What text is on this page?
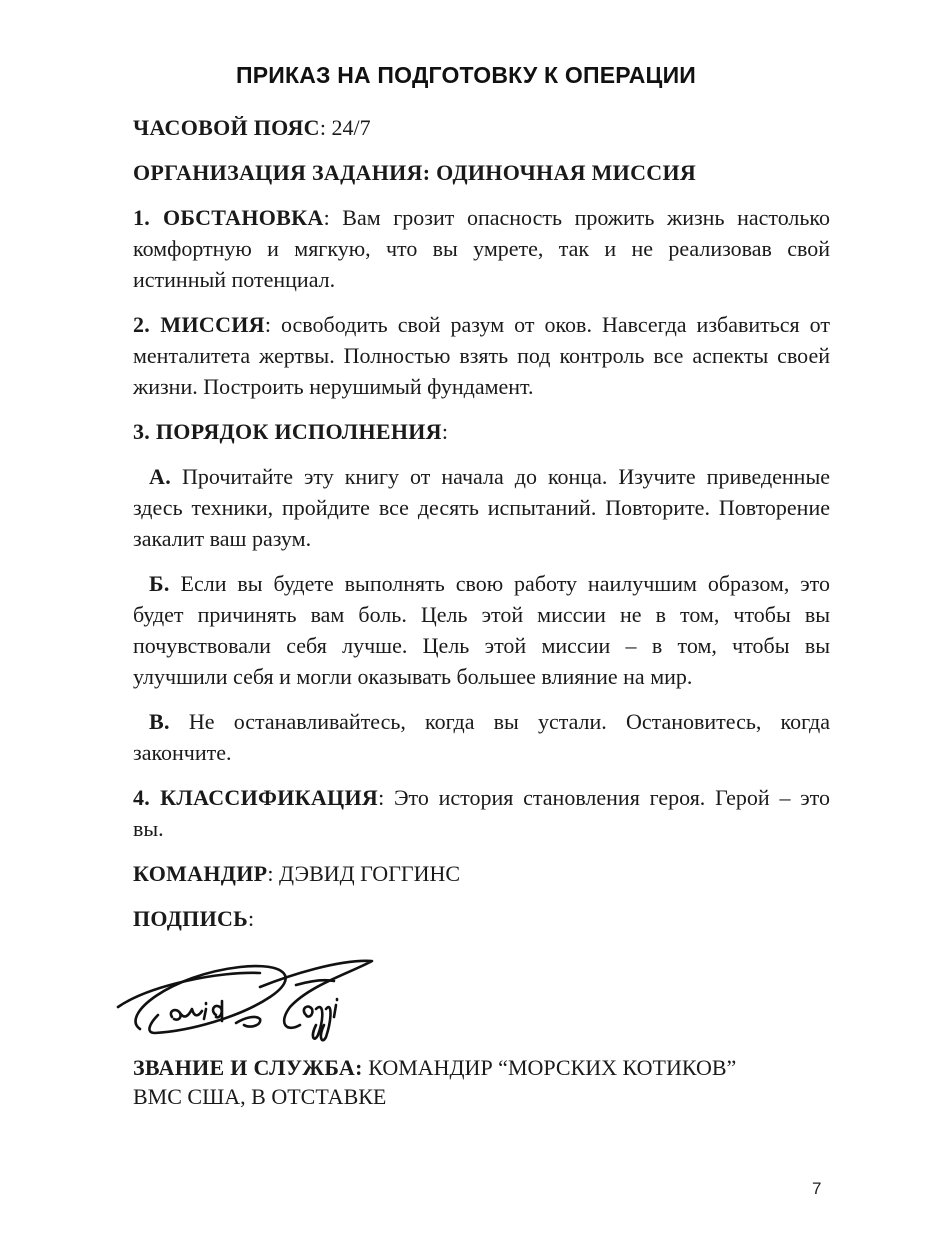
ПРИКАЗ НА ПОДГОТОВКУ К ОПЕРАЦИИ
ЧАСОВОЙ ПОЯС: 24/7
ОРГАНИЗАЦИЯ ЗАДАНИЯ: ОДИНОЧНАЯ МИССИЯ
1. ОБСТАНОВКА: Вам грозит опасность прожить жизнь настолько комфортную и мягкую, что вы умрете, так и не реализовав свой истинный потенциал.
2. МИССИЯ: освободить свой разум от оков. Навсегда избавиться от менталитета жертвы. Полностью взять под контроль все аспекты своей жизни. Построить нерушимый фундамент.
3. ПОРЯДОК ИСПОЛНЕНИЯ:
А. Прочитайте эту книгу от начала до конца. Изучите приведенные здесь техники, пройдите все десять испытаний. Повторите. Повторение закалит ваш разум.
Б. Если вы будете выполнять свою работу наилучшим образом, это будет причинять вам боль. Цель этой миссии не в том, чтобы вы почувствовали себя лучше. Цель этой миссии – в том, чтобы вы улучшили себя и могли оказывать большее влияние на мир.
В. Не останавливайтесь, когда вы устали. Остановитесь, когда закончите.
4. КЛАССИФИКАЦИЯ: Это история становления героя. Герой – это вы.
КОМАНДИР: ДЭВИД ГОГГИНС
ПОДПИСЬ:
ЗВАНИЕ И СЛУЖБА: КОМАНДИР “МОРСКИХ КОТИКОВ”
ВМС США, В ОТСТАВКЕ
7
